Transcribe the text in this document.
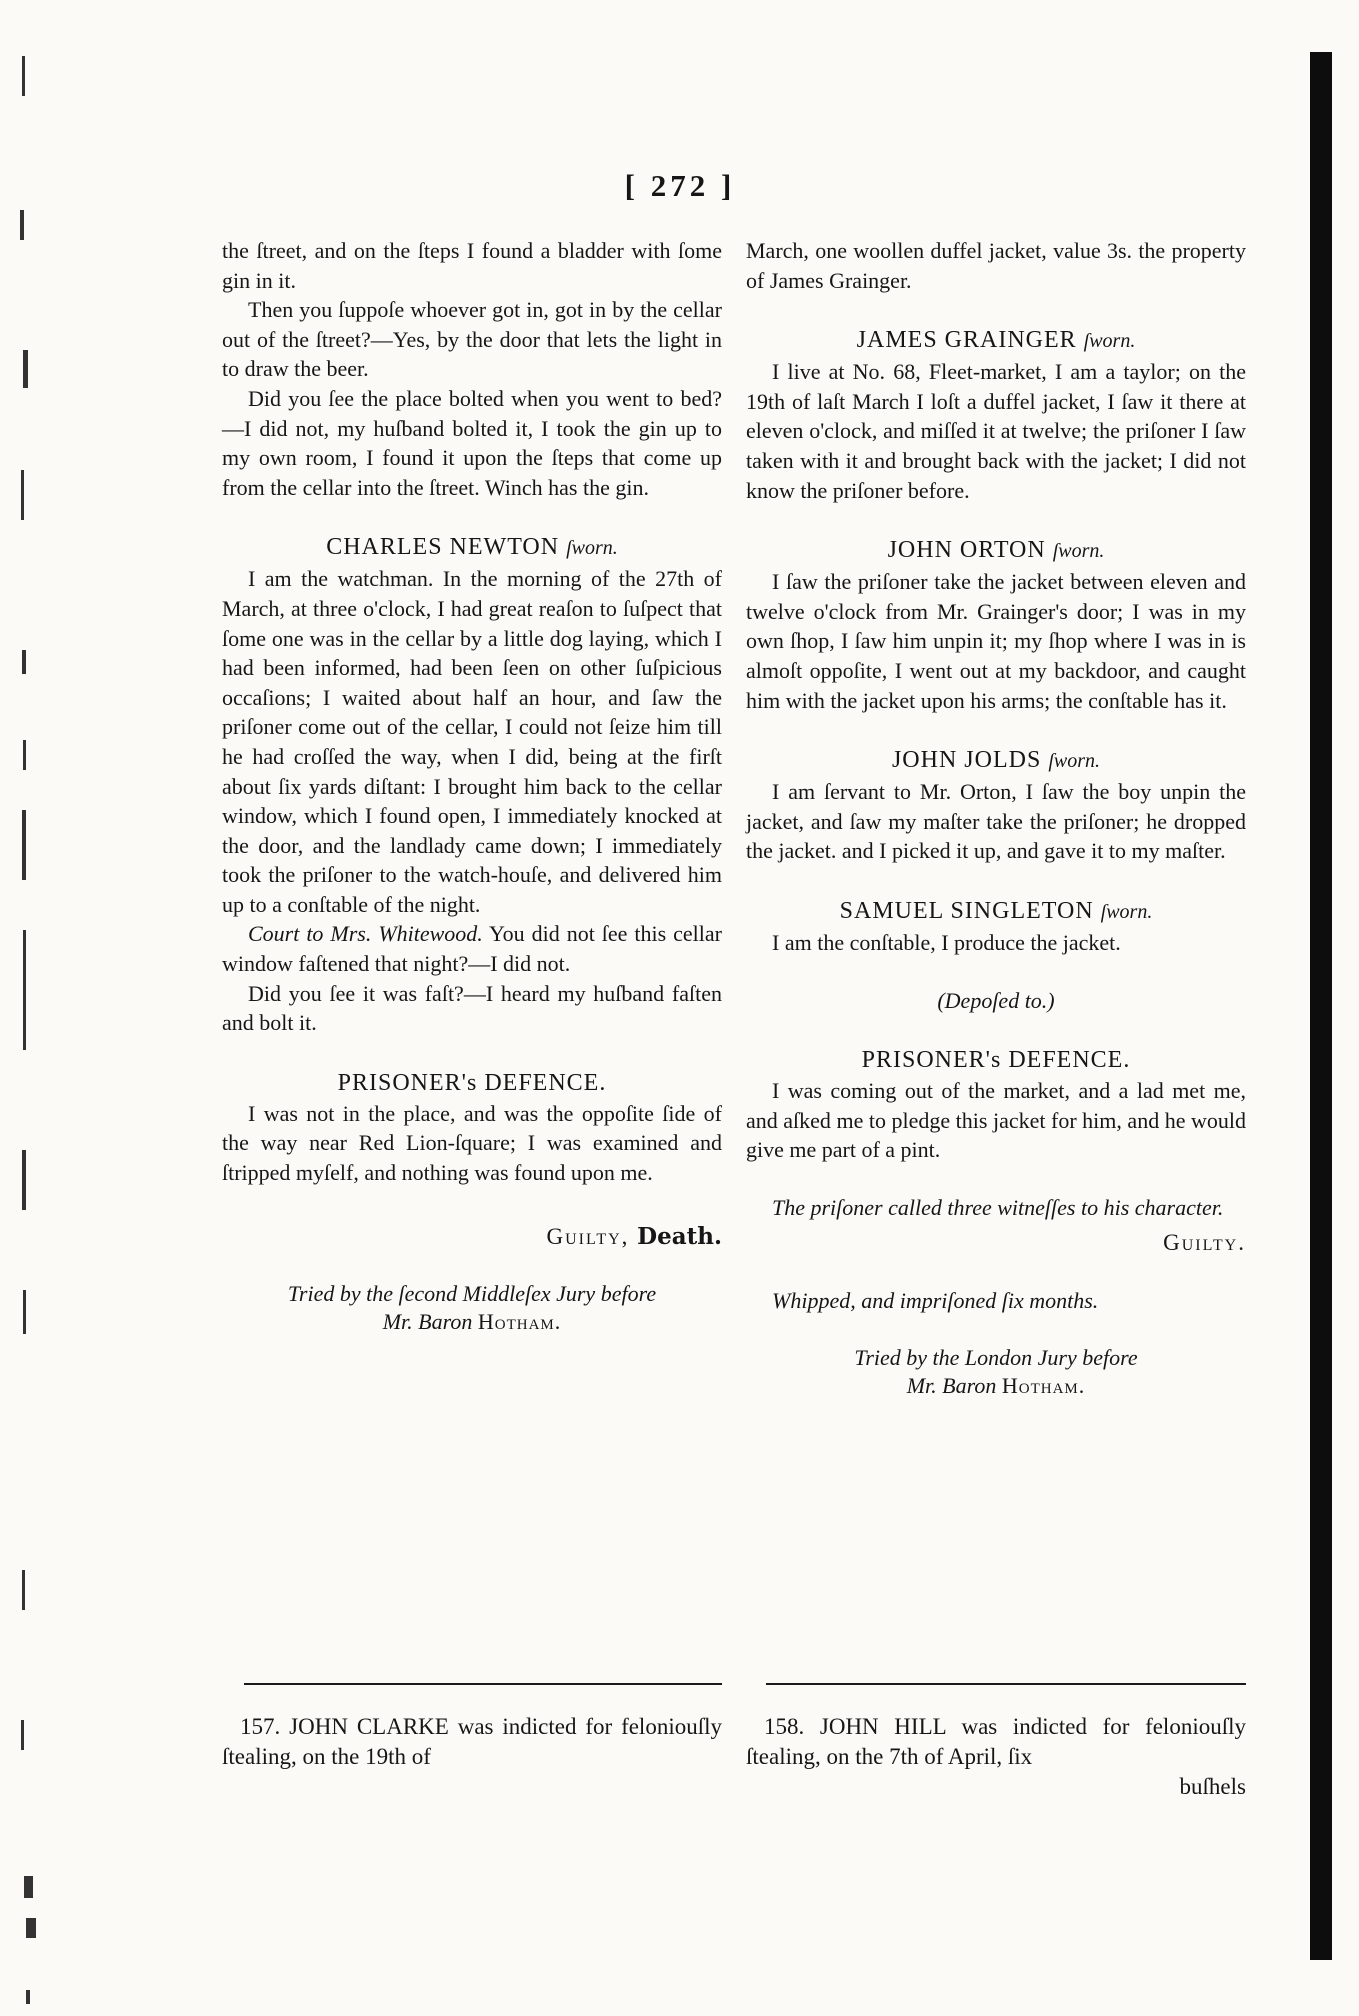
[ 272 ]

the ſtreet, and on the ſteps I found a bladder with ſome gin in it.

Then you ſuppoſe whoever got in, got in by the cellar out of the ſtreet?—Yes, by the door that lets the light in to draw the beer.

Did you ſee the place bolted when you went to bed?—I did not, my huſband bolted it, I took the gin up to my own room, I found it upon the ſteps that come up from the cellar into the ſtreet. Winch has the gin.

CHARLES NEWTON ſworn.

I am the watchman. In the morning of the 27th of March, at three o'clock, I had great reaſon to ſuſpect that ſome one was in the cellar by a little dog laying, which I had been informed, had been ſeen on other ſuſpicious occaſions; I waited about half an hour, and ſaw the priſoner come out of the cellar, I could not ſeize him till he had croſſed the way, when I did, being at the firſt about ſix yards diſtant: I brought him back to the cellar window, which I found open, I immediately knocked at the door, and the landlady came down; I immediately took the priſoner to the watch-houſe, and delivered him up to a conſtable of the night.

Court to Mrs. Whitewood. You did not ſee this cellar window faſtened that night?—I did not.

Did you ſee it was faſt?—I heard my huſband faſten and bolt it.

PRISONER's DEFENCE.

I was not in the place, and was the oppoſite ſide of the way near Red Lion-ſquare; I was examined and ſtripped myſelf, and nothing was found upon me.

Guilty, Death.
Tried by the ſecond Middleſex Jury before
Mr. Baron Hotham.

March, one woollen duffel jacket, value 3s. the property of James Grainger.

JAMES GRAINGER ſworn.

I live at No. 68, Fleet-market, I am a taylor; on the 19th of laſt March I loſt a duffel jacket, I ſaw it there at eleven o'clock, and miſſed it at twelve; the priſoner I ſaw taken with it and brought back with the jacket; I did not know the priſoner before.

JOHN ORTON ſworn.

I ſaw the priſoner take the jacket between eleven and twelve o'clock from Mr. Grainger's door; I was in my own ſhop, I ſaw him unpin it; my ſhop where I was in is almoſt oppoſite, I went out at my backdoor, and caught him with the jacket upon his arms; the conſtable has it.

JOHN JOLDS ſworn.

I am ſervant to Mr. Orton, I ſaw the boy unpin the jacket, and ſaw my maſter take the priſoner; he dropped the jacket. and I picked it up, and gave it to my maſter.

SAMUEL SINGLETON ſworn.

I am the conſtable, I produce the jacket.

(Depoſed to.)

PRISONER's DEFENCE.

I was coming out of the market, and a lad met me, and aſked me to pledge this jacket for him, and he would give me part of a pint.

The priſoner called three witneſſes to his character.

Guilty.

Whipped, and impriſoned ſix months.

Tried by the London Jury before
Mr. Baron Hotham.

157. JOHN CLARKE was indicted for feloniouſly ſtealing, on the 19th of

158. JOHN HILL was indicted for feloniouſly ſtealing, on the 7th of April, ſix

buſhels
